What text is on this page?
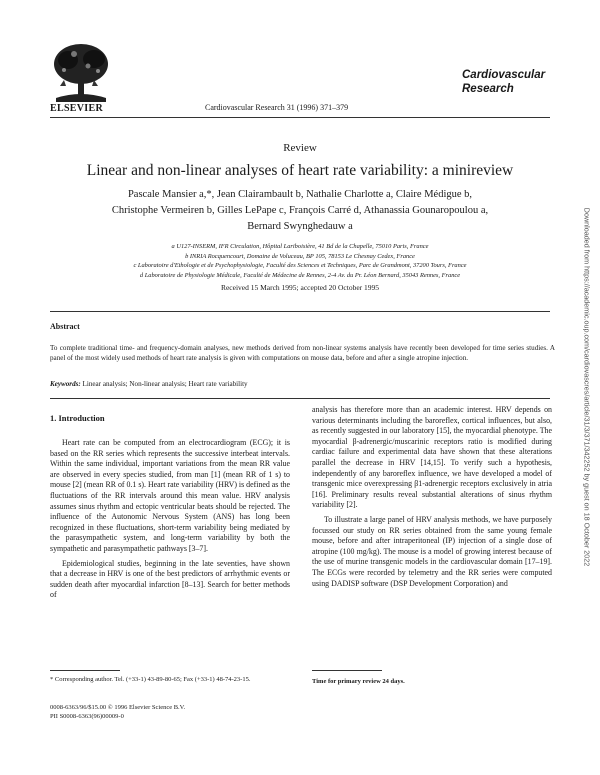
ELSEVIER	Cardiovascular Research 31 (1996) 371–379
Cardiovascular
Research
Review
Linear and non-linear analyses of heart rate variability: a minireview
Pascale Mansier a,*, Jean Clairambault b, Nathalie Charlotte a, Claire Médigue b,
Christophe Vermeiren b, Gilles LePape c, François Carré d, Athanassia Gounaropoulou a,
Bernard Swynghedauw a
a U127-INSERM, IFR Circulation, Hôpital Lariboisière, 41 Bd de la Chapelle, 75010 Paris, France
b INRIA Rocquencourt, Domaine de Voluceau, BP 105, 78153 Le Chesnay Cedex, France
c Laboratoire d'Ethologie et de Psychophysiologie, Faculté des Sciences et Techniques, Parc de Grandmont, 37200 Tours, France
d Laboratoire de Physiologie Médicale, Faculté de Médecine de Rennes, 2-4 Av. du Pr. Léon Bernard, 35043 Rennes, France
Received 15 March 1995; accepted 20 October 1995
Abstract
To complete traditional time- and frequency-domain analyses, new methods derived from non-linear systems analysis have recently been developed for time series studies. A panel of the most widely used methods of heart rate analysis is given with computations on mouse data, before and after a single atropine injection.
Keywords: Linear analysis; Non-linear analysis; Heart rate variability
1. Introduction

Heart rate can be computed from an electrocardiogram (ECG); it is based on the RR series which represents the successive interbeat intervals. Within the same individual, important variations from the mean RR value are observed in every species studied, from man [1] (mean RR of 1 s) to mouse [2] (mean RR of 0.1 s). Heart rate variability (HRV) is defined as the fluctuations of the RR intervals around this mean value. HRV analysis assumes sinus rhythm and ectopic ventricular beats should be rejected. The influence of the Autonomic Nervous System (ANS) has long been recognized in these fluctuations, short-term variability being mediated by the parasympathetic system, and long-term variability by both the sympathetic and parasympathetic pathways [3–7].

Epidemiological studies, beginning in the late seventies, have shown that a decrease in HRV is one of the best predictors of arrhythmic events or sudden death after myocardial infarction [8–13]. Search for better methods of

analysis has therefore more than an academic interest. HRV depends on various determinants including the baroreflex, cortical influences, but also, as recently suggested in our laboratory [15], the myocardial phenotype. The myocardial β-adrenergic/muscarinic receptors ratio is modified during cardiac failure and experimental data have shown that these alterations parallel the decrease in HRV [14,15]. To verify such a hypothesis, independently of any baroreflex influence, we have developed a model of transgenic mice overexpressing β1-adrenergic receptors exclusively in atria [16]. Preliminary results reveal substantial alterations of sinus rhythm variability [2].

To illustrate a large panel of HRV analysis methods, we have purposely focussed our study on RR series obtained from the same young female mouse, before and after intraperitoneal (IP) injection of a single dose of atropine (100 mg/kg). The mouse is a model of growing interest because of the use of murine transgenic models in the cardiovascular domain [17–19]. The ECGs were recorded by telemetry and the RR series were computed using DADISP software (DSP Development Corporation) and

* Corresponding author. Tel. (+33-1) 43-89-80-65; Fax (+33-1) 48-74-23-15.
0008-6363/96/$15.00 © 1996 Elsevier Science B.V.
PII S0008-6363(96)00009-0
Time for primary review 24 days.
Downloaded from https://academic.oup.com/cardiovascres/article/31/3/371/342252 by guest on 18 October 2022
